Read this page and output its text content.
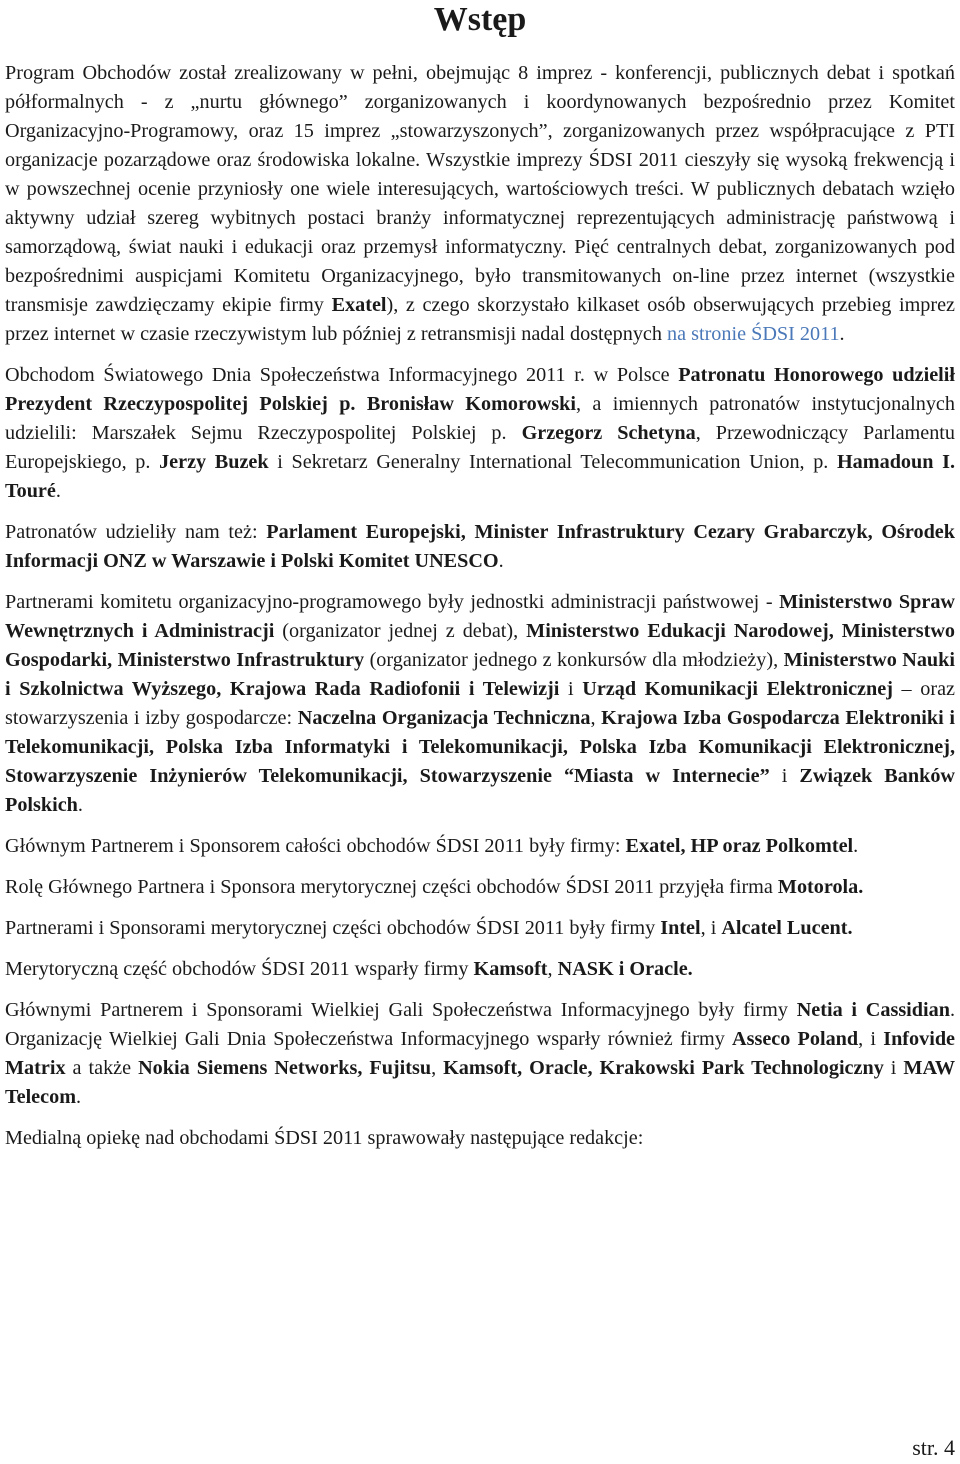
Wstęp

Program Obchodów został zrealizowany w pełni, obejmując 8 imprez - konferencji, publicznych debat i spotkań półformalnych - z „nurtu głównego” zorganizowanych i koordynowanych bezpośrednio przez Komitet Organizacyjno-Programowy, oraz 15 imprez „stowarzyszonych”, zorganizowanych przez współpracujące z PTI organizacje pozarządowe oraz środowiska lokalne. Wszystkie imprezy ŚDSI 2011 cieszyły się wysoką frekwencją i w powszechnej ocenie przyniosły one wiele interesujących, wartościowych treści. W publicznych debatach wzięło aktywny udział szereg wybitnych postaci branży informatycznej reprezentujących administrację państwową i samorządową, świat nauki i edukacji oraz przemysł informatyczny. Pięć centralnych debat, zorganizowanych pod bezpośrednimi auspicjami Komitetu Organizacyjnego, było transmitowanych on-line przez internet (wszystkie transmisje zawdzięczamy ekipie firmy Exatel), z czego skorzystało kilkaset osób obserwujących przebieg imprez przez internet w czasie rzeczywistym lub później z retransmisji nadal dostępnych na stronie ŚDSI 2011.

Obchodom Światowego Dnia Społeczeństwa Informacyjnego 2011 r. w Polsce Patronatu Honorowego udzielił Prezydent Rzeczypospolitej Polskiej p. Bronisław Komorowski, a imiennych patronatów instytucjonalnych udzielili: Marszałek Sejmu Rzeczypospolitej Polskiej p. Grzegorz Schetyna, Przewodniczący Parlamentu Europejskiego, p. Jerzy Buzek i Sekretarz Generalny International Telecommunication Union, p. Hamadoun I. Touré.

Patronatów udzieliły nam też: Parlament Europejski, Minister Infrastruktury Cezary Grabarczyk, Ośrodek Informacji ONZ w Warszawie i Polski Komitet UNESCO.

Partnerami komitetu organizacyjno-programowego były jednostki administracji państwowej - Ministerstwo Spraw Wewnętrznych i Administracji (organizator jednej z debat), Ministerstwo Edukacji Narodowej, Ministerstwo Gospodarki, Ministerstwo Infrastruktury (organizator jednego z konkursów dla młodzieży), Ministerstwo Nauki i Szkolnictwa Wyższego, Krajowa Rada Radiofonii i Telewizji i Urząd Komunikacji Elektronicznej – oraz stowarzyszenia i izby gospodarcze: Naczelna Organizacja Techniczna, Krajowa Izba Gospodarcza Elektroniki i Telekomunikacji, Polska Izba Informatyki i Telekomunikacji, Polska Izba Komunikacji Elektronicznej, Stowarzyszenie Inżynierów Telekomunikacji, Stowarzyszenie “Miasta w Internecie” i Związek Banków Polskich.

Głównym Partnerem i Sponsorem całości obchodów ŚDSI 2011 były firmy: Exatel, HP oraz Polkomtel.

Rolę Głównego Partnera i Sponsora merytorycznej części obchodów ŚDSI 2011 przyjęła firma Motorola.

Partnerami i Sponsorami merytorycznej części obchodów ŚDSI 2011 były firmy Intel, i Alcatel Lucent.

Merytoryczną część obchodów ŚDSI 2011 wsparły firmy Kamsoft, NASK i Oracle.

Głównymi Partnerem i Sponsorami Wielkiej Gali Społeczeństwa Informacyjnego były firmy Netia i Cassidian. Organizację Wielkiej Gali Dnia Społeczeństwa Informacyjnego wsparły również firmy Asseco Poland, i Infovide Matrix a także Nokia Siemens Networks, Fujitsu, Kamsoft, Oracle, Krakowski Park Technologiczny i MAW Telecom.

Medialną opiekę nad obchodami ŚDSI 2011 sprawowały następujące redakcje:

str. 4
